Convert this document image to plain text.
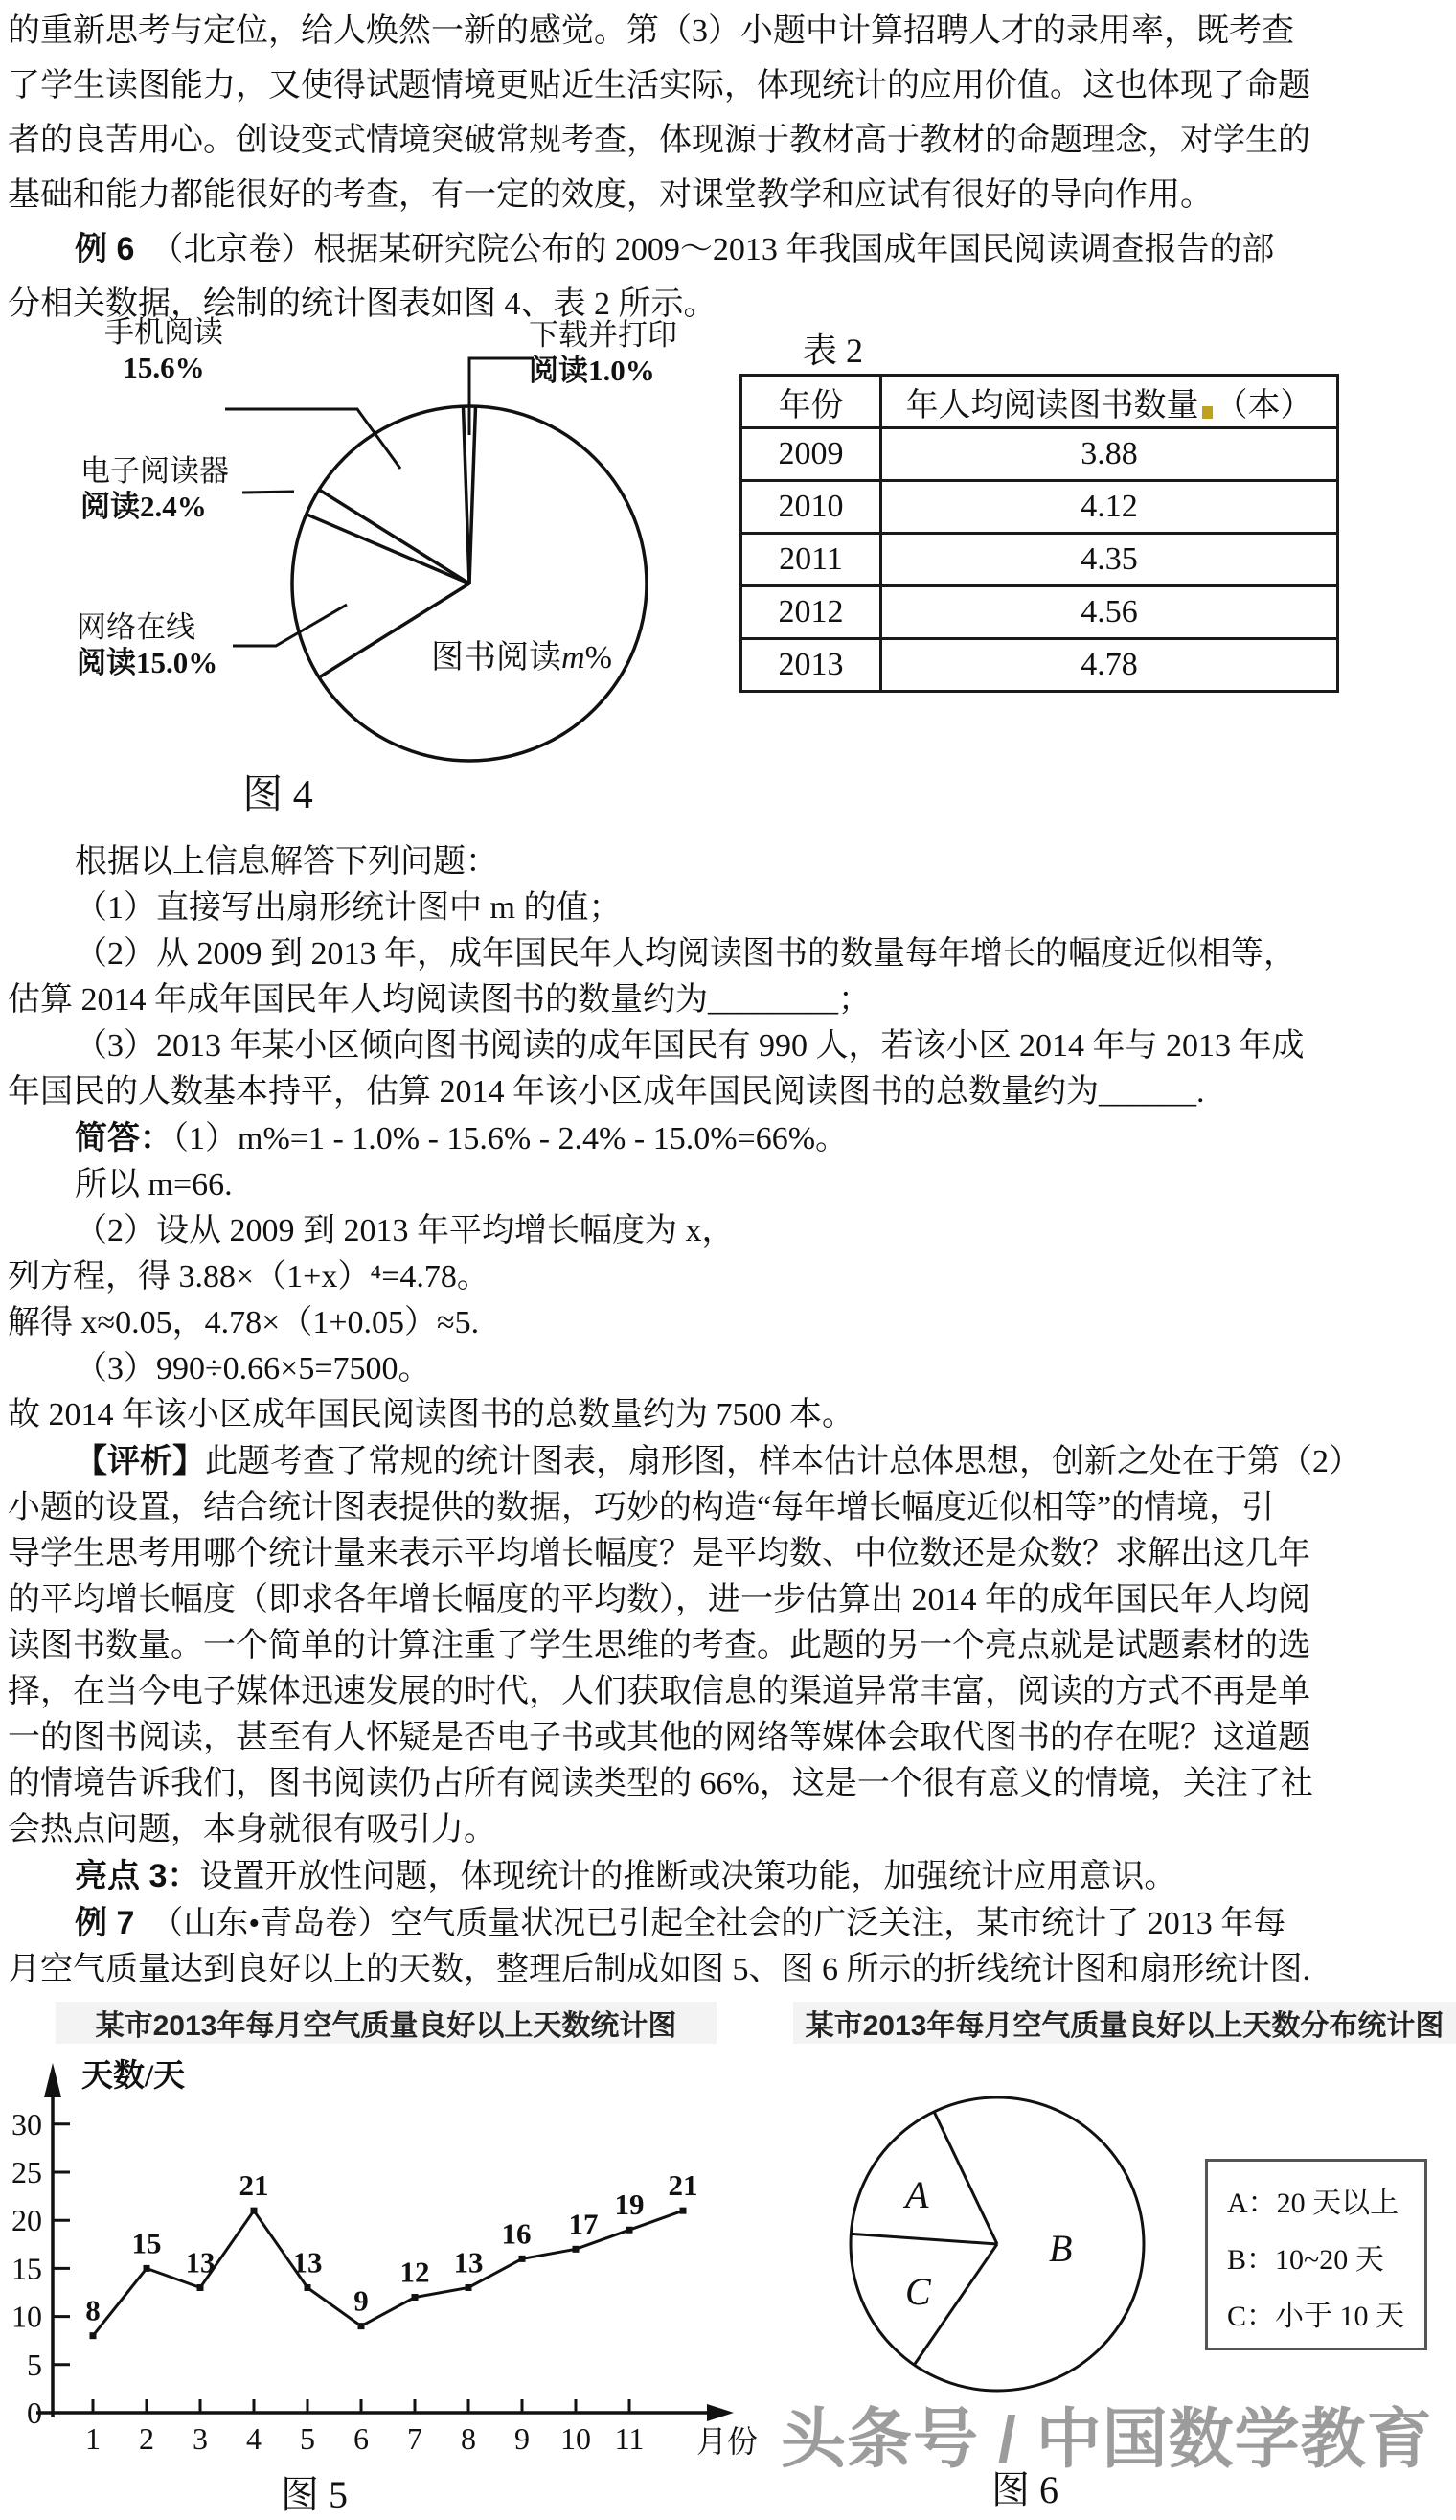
的重新思考与定位，给人焕然一新的感觉。第（3）小题中计算招聘人才的录用率，既考查
了学生读图能力，又使得试题情境更贴近生活实际，体现统计的应用价值。这也体现了命题
者的良苦用心。创设变式情境突破常规考查，体现源于教材高于教材的命题理念，对学生的
基础和能力都能很好的考查，有一定的效度，对课堂教学和应试有很好的导向作用。
例 6　（北京卷）根据某研究院公布的 2009～2013 年我国成年国民阅读调查报告的部
分相关数据，绘制的统计图表如图 4、表 2 所示。
下载并打印
阅读1.0%
手机阅读
15.6%
电子阅读器
阅读2.4%
网络在线
阅读15.0%	图书阅读m%
图 4
表 2
年份	年人均阅读图书数量 （本）
2009	3.88
2010	4.12
2011	4.35
2012	4.56
2013	4.78
根据以上信息解答下列问题：
（1）直接写出扇形统计图中 m 的值；
（2）从 2009 到 2013 年，成年国民年人均阅读图书的数量每年增长的幅度近似相等，
估算 2014 年成年国民年人均阅读图书的数量约为________；
（3）2013 年某小区倾向图书阅读的成年国民有 990 人，若该小区 2014 年与 2013 年成
年国民的人数基本持平，估算 2014 年该小区成年国民阅读图书的总数量约为______.
简答：（1）m%=1 - 1.0% - 15.6% - 2.4% - 15.0%=66%。
所以 m=66.
（2）设从 2009 到 2013 年平均增长幅度为 x，
列方程，得 3.88×（1+x）⁴=4.78。
解得 x≈0.05，4.78×（1+0.05）≈5.
（3）990÷0.66×5=7500。
故 2014 年该小区成年国民阅读图书的总数量约为 7500 本。
【评析】此题考查了常规的统计图表，扇形图，样本估计总体思想，创新之处在于第（2）
小题的设置，结合统计图表提供的数据，巧妙的构造“每年增长幅度近似相等”的情境，引
导学生思考用哪个统计量来表示平均增长幅度？是平均数、中位数还是众数？求解出这几年
的平均增长幅度（即求各年增长幅度的平均数），进一步估算出 2014 年的成年国民年人均阅
读图书数量。一个简单的计算注重了学生思维的考查。此题的另一个亮点就是试题素材的选
择，在当今电子媒体迅速发展的时代，人们获取信息的渠道异常丰富，阅读的方式不再是单
一的图书阅读，甚至有人怀疑是否电子书或其他的网络等媒体会取代图书的存在呢？这道题
的情境告诉我们，图书阅读仍占所有阅读类型的 66%，这是一个很有意义的情境，关注了社
会热点问题，本身就很有吸引力。
亮点 3：设置开放性问题，体现统计的推断或决策功能，加强统计应用意识。
例 7　（山东•青岛卷）空气质量状况已引起全社会的广泛关注，某市统计了 2013 年每
月空气质量达到良好以上的天数，整理后制成如图 5、图 6 所示的折线统计图和扇形统计图.
某市2013年每月空气质量良好以上天数统计图
0
5
10
15
20
25
30
1 2 3 4 5 6 7 8 9 10 11
8
15
13
21
13
9
12 13
16 17
19
21
天数/天
月份
图 5
某市2013年每月空气质量良好以上天数分布统计图
A
B
C
A：20 天以上
B：10~20 天
C：小于 10 天
图 6
头条号 / 中国数学教育
